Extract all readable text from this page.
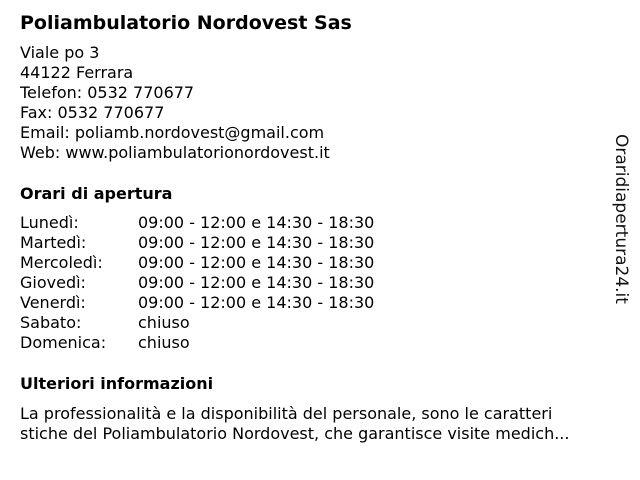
Poliambulatorio Nordovest Sas
Viale po 3
44122 Ferrara
Telefon: 0532 770677
Fax: 0532 770677
Email: poliamb.nordovest@gmail.com
Web: www.poliambulatorionordovest.it
Orari di apertura
Lunedì:	09:00 - 12:00 e 14:30 - 18:30
Martedì:	09:00 - 12:00 e 14:30 - 18:30
Mercoledì: 09:00 - 12:00 e 14:30 - 18:30
Giovedì:	09:00 - 12:00 e 14:30 - 18:30
Venerdì:	09:00 - 12:00 e 14:30 - 18:30
Sabato:	chiuso
Domenica: chiuso
Ulteriori informazioni
La professionalità e la disponibilità del personale, sono le caratteri
stiche del Poliambulatorio Nordovest, che garantisce visite medich...
Oraridiapertura24.it
